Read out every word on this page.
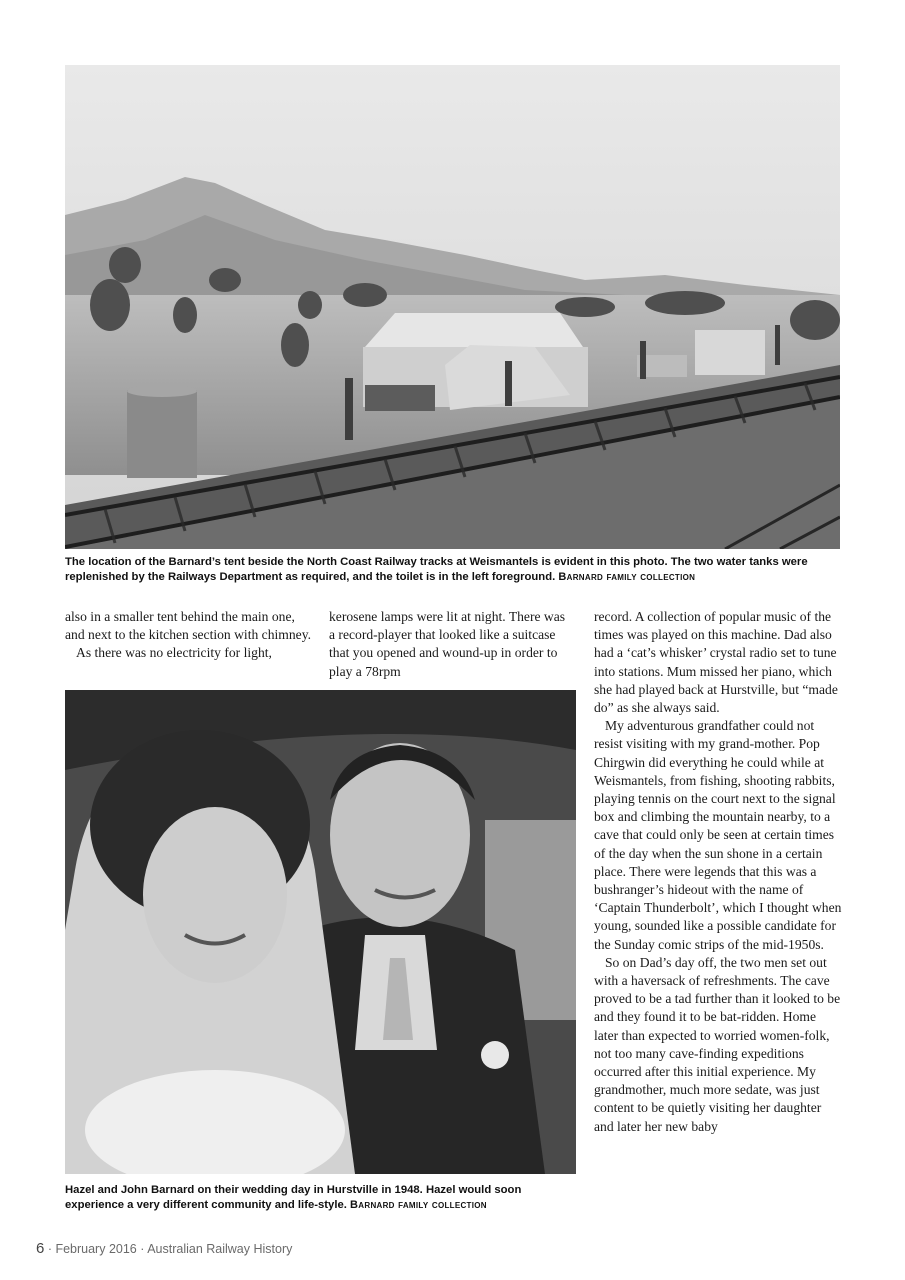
The location of the Barnard’s tent beside the North Coast Railway tracks at Weismantels is evident in this photo. The two water tanks were replenished by the Railways Department as required, and the toilet is in the left foreground. Barnard family collection

also in a smaller tent behind the main one, and next to the kitchen section with chimney.

As there was no electricity for light,

kerosene lamps were lit at night. There was a record-player that looked like a suitcase that you opened and wound-up in order to play a 78rpm

Hazel and John Barnard on their wedding day in Hurstville in 1948. Hazel would soon experience a very different community and life-style. Barnard family collection

record. A collection of popular music of the times was played on this machine. Dad also had a ‘cat’s whisker’ crystal radio set to tune into stations. Mum missed her piano, which she had played back at Hurstville, but “made do” as she always said.

My adventurous grandfather could not resist visiting with my grand-mother. Pop Chirgwin did everything he could while at Weismantels, from fishing, shooting rabbits, playing tennis on the court next to the signal box and climbing the mountain nearby, to a cave that could only be seen at certain times of the day when the sun shone in a certain place. There were legends that this was a bushranger’s hideout with the name of ‘Captain Thunderbolt’, which I thought when young, sounded like a possible candidate for the Sunday comic strips of the mid-1950s.

So on Dad’s day off, the two men set out with a haversack of refreshments. The cave proved to be a tad further than it looked to be and they found it to be bat-ridden. Home later than expected to worried women-folk, not too many cave-finding expeditions occurred after this initial experience. My grandmother, much more sedate, was just content to be quietly visiting her daughter and later her new baby

6 · February 2016 · Australian Railway History
